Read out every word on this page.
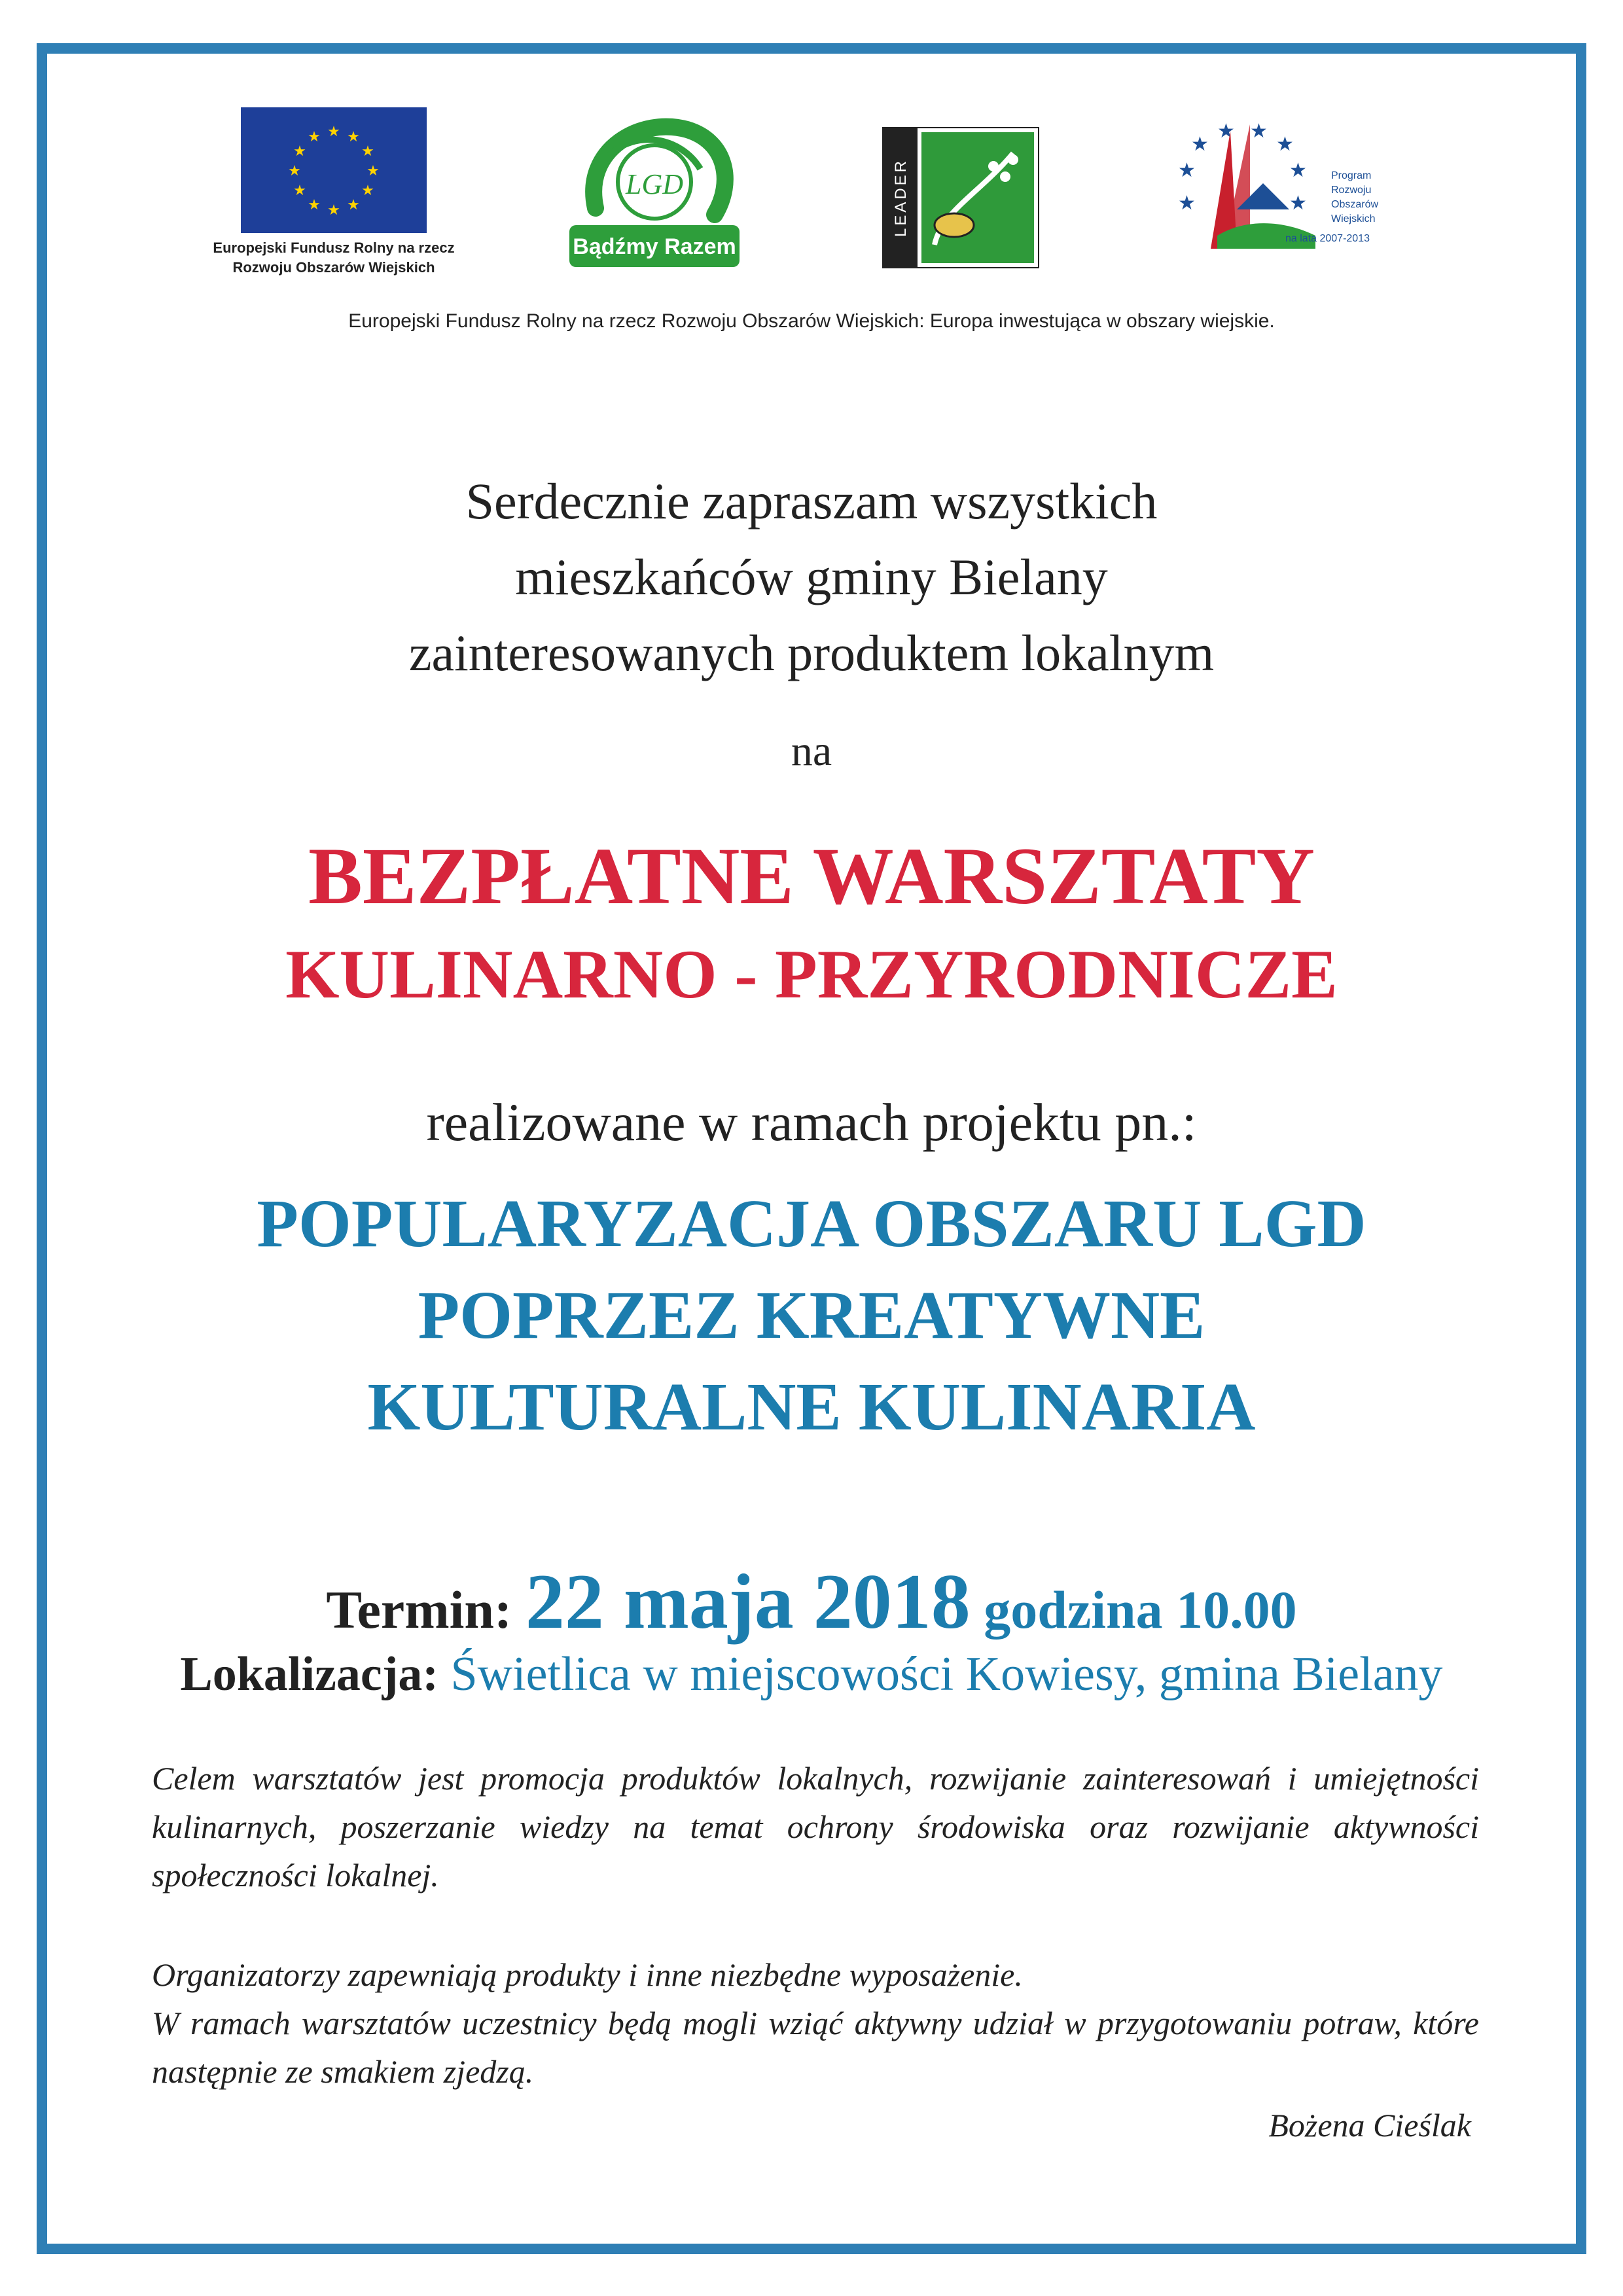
★ ★
★
★
★
★
★
★
★
★
★
★
Europejski Fundusz Rolny na rzecz
Rozwoju Obszarów Wiejskich
LGD
Bądźmy Razem
LEADER	★
★
★ ★
★
★
★	★
Program
Rozwoju
Obszarów
Wiejskich
na lata 2007-2013
Europejski Fundusz Rolny na rzecz Rozwoju Obszarów Wiejskich: Europa inwestująca w obszary wiejskie.
Serdecznie zapraszam wszystkich
mieszkańców gminy Bielany
zainteresowanych produktem lokalnym
na
BEZPŁATNE WARSZTATY
KULINARNO - PRZYRODNICZE
realizowane w ramach projektu pn.:
POPULARYZACJA OBSZARU LGD
POPRZEZ KREATYWNE
KULTURALNE KULINARIA
Termin: 22 maja 2018 godzina 10.00
Lokalizacja: Świetlica w miejscowości Kowiesy, gmina Bielany
Celem warsztatów jest promocja produktów lokalnych, rozwijanie zainteresowań i umiejętności kulinarnych, poszerzanie wiedzy na temat ochrony środowiska oraz rozwijanie aktywności społeczności lokalnej.
Organizatorzy zapewniają produkty i inne niezbędne wyposażenie.
W ramach warsztatów uczestnicy będą mogli wziąć aktywny udział w przygotowaniu potraw, które następnie ze smakiem zjedzą.
Bożena Cieślak
